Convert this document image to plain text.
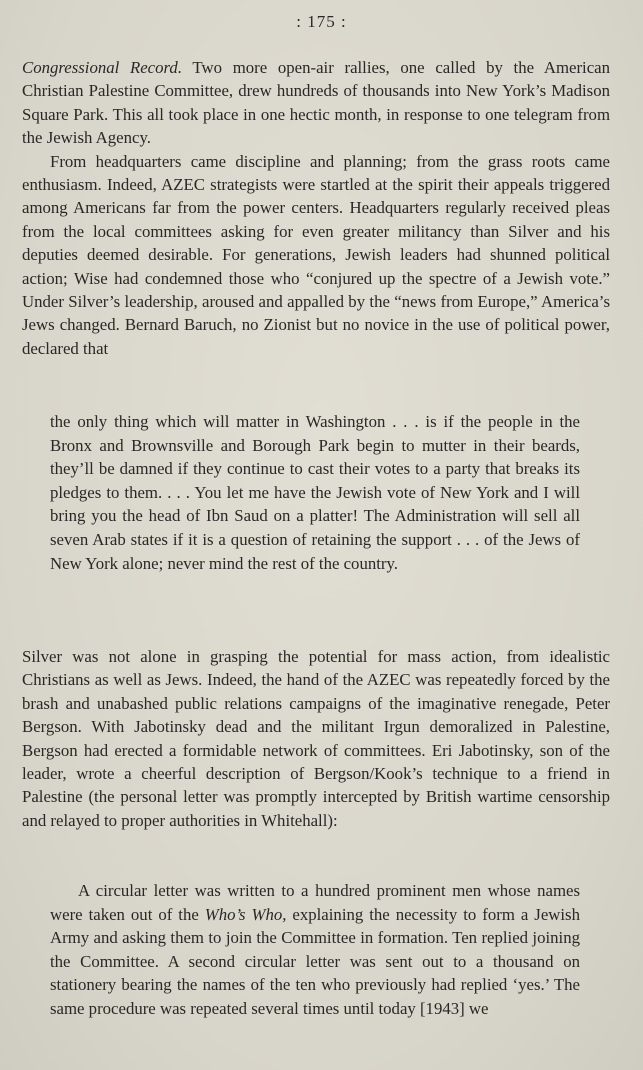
: 175 :

Congressional Record. Two more open-air rallies, one called by the American Christian Palestine Committee, drew hundreds of thousands into New York’s Madison Square Park. This all took place in one hectic month, in response to one telegram from the Jewish Agency.

From headquarters came discipline and planning; from the grass roots came enthusiasm. Indeed, AZEC strategists were startled at the spirit their appeals triggered among Americans far from the power centers. Headquarters regularly received pleas from the local committees asking for even greater militancy than Silver and his deputies deemed desirable. For generations, Jewish leaders had shunned political action; Wise had condemned those who “conjured up the spectre of a Jewish vote.” Under Silver’s leadership, aroused and appalled by the “news from Europe,” America’s Jews changed. Bernard Baruch, no Zionist but no novice in the use of political power, declared that

the only thing which will matter in Washington . . . is if the people in the Bronx and Brownsville and Borough Park begin to mutter in their beards, they’ll be damned if they continue to cast their votes to a party that breaks its pledges to them. . . . You let me have the Jewish vote of New York and I will bring you the head of Ibn Saud on a platter! The Administration will sell all seven Arab states if it is a question of retaining the support . . . of the Jews of New York alone; never mind the rest of the country.

Silver was not alone in grasping the potential for mass action, from idealistic Christians as well as Jews. Indeed, the hand of the AZEC was repeatedly forced by the brash and unabashed public relations campaigns of the imaginative renegade, Peter Bergson. With Jabotinsky dead and the militant Irgun demoralized in Palestine, Bergson had erected a formidable network of committees. Eri Jabotinsky, son of the leader, wrote a cheerful description of Bergson/Kook’s technique to a friend in Palestine (the personal letter was promptly intercepted by British wartime censorship and relayed to proper authorities in Whitehall):

A circular letter was written to a hundred prominent men whose names were taken out of the Who’s Who, explaining the necessity to form a Jewish Army and asking them to join the Committee in formation. Ten replied joining the Committee. A second circular letter was sent out to a thousand on stationery bearing the names of the ten who previously had replied ‘yes.’ The same procedure was repeated several times until today [1943] we
